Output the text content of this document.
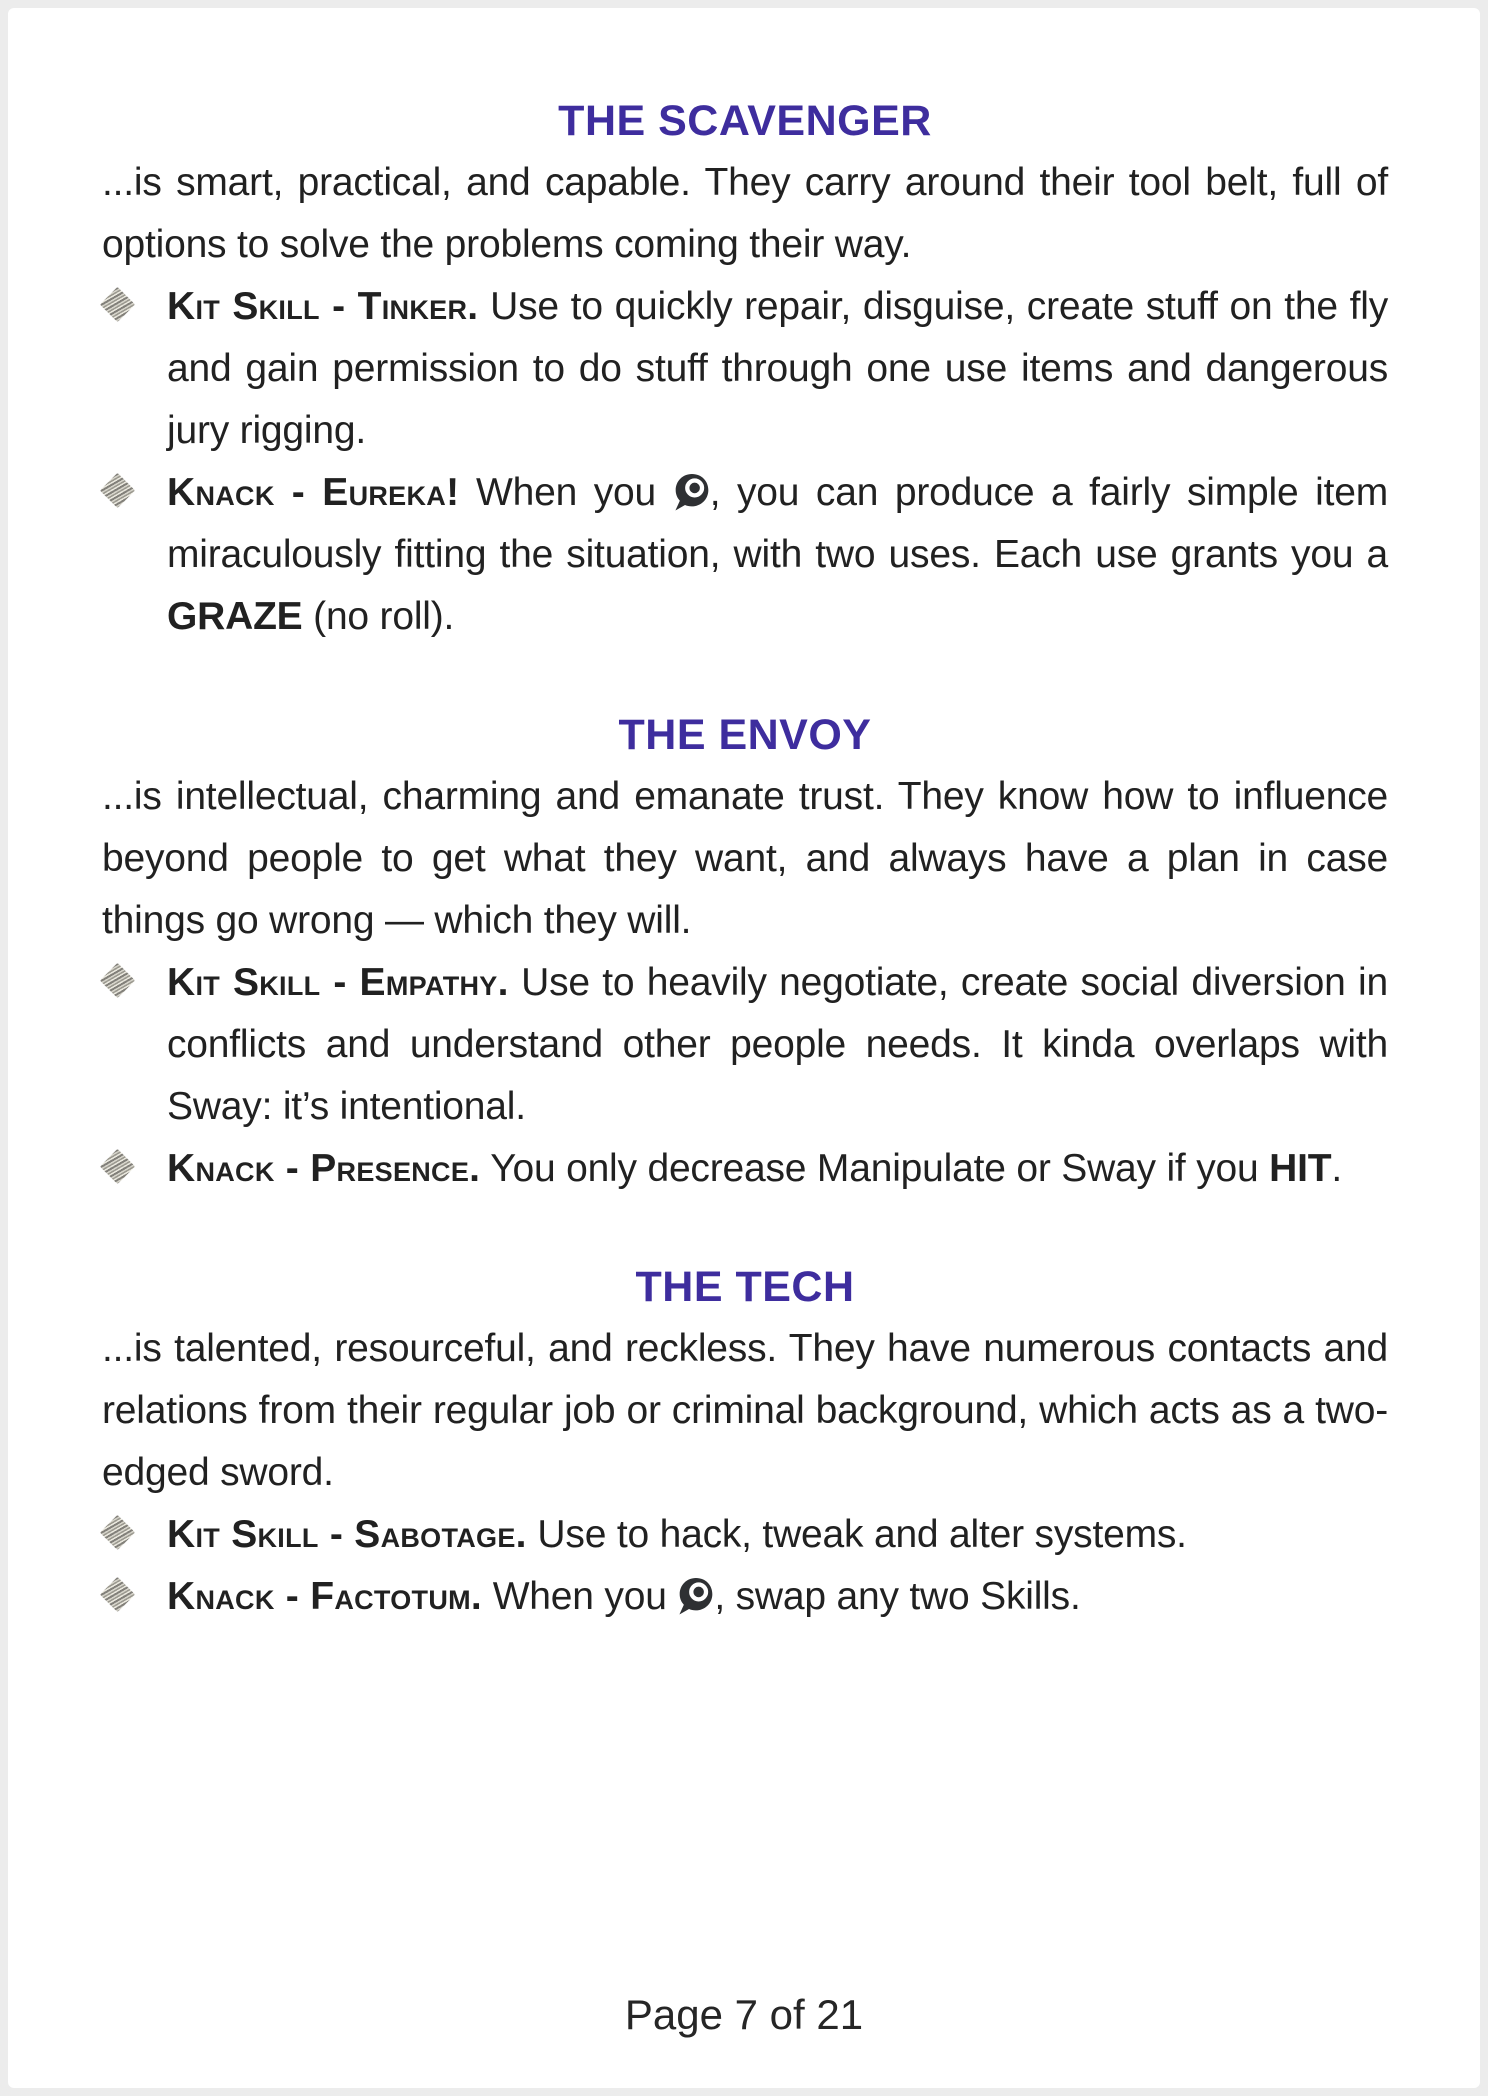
THE SCAVENGER

...is smart, practical, and capable. They carry around their tool belt, full of options to solve the problems coming their way.

Kit Skill - Tinker. Use to quickly repair, disguise, create stuff on the fly and gain permission to do stuff through one use items and dangerous jury rigging.

Knack - Eureka! When you , you can produce a fairly simple item miraculously fitting the situation, with two uses. Each use grants you a GRAZE (no roll).

THE ENVOY

...is intellectual, charming and emanate trust. They know how to influence beyond people to get what they want, and always have a plan in case things go wrong — which they will.

Kit Skill - Empathy. Use to heavily negotiate, create social diversion in conflicts and understand other people needs. It kinda overlaps with Sway: it’s intentional.

Knack - Presence. You only decrease Manipulate or Sway if you HIT.

THE TECH

...is talented, resourceful, and reckless. They have numerous contacts and relations from their regular job or criminal background, which acts as a two-edged sword.

Kit Skill - Sabotage. Use to hack, tweak and alter systems.

Knack - Factotum. When you , swap any two Skills.

Page 7 of 21
